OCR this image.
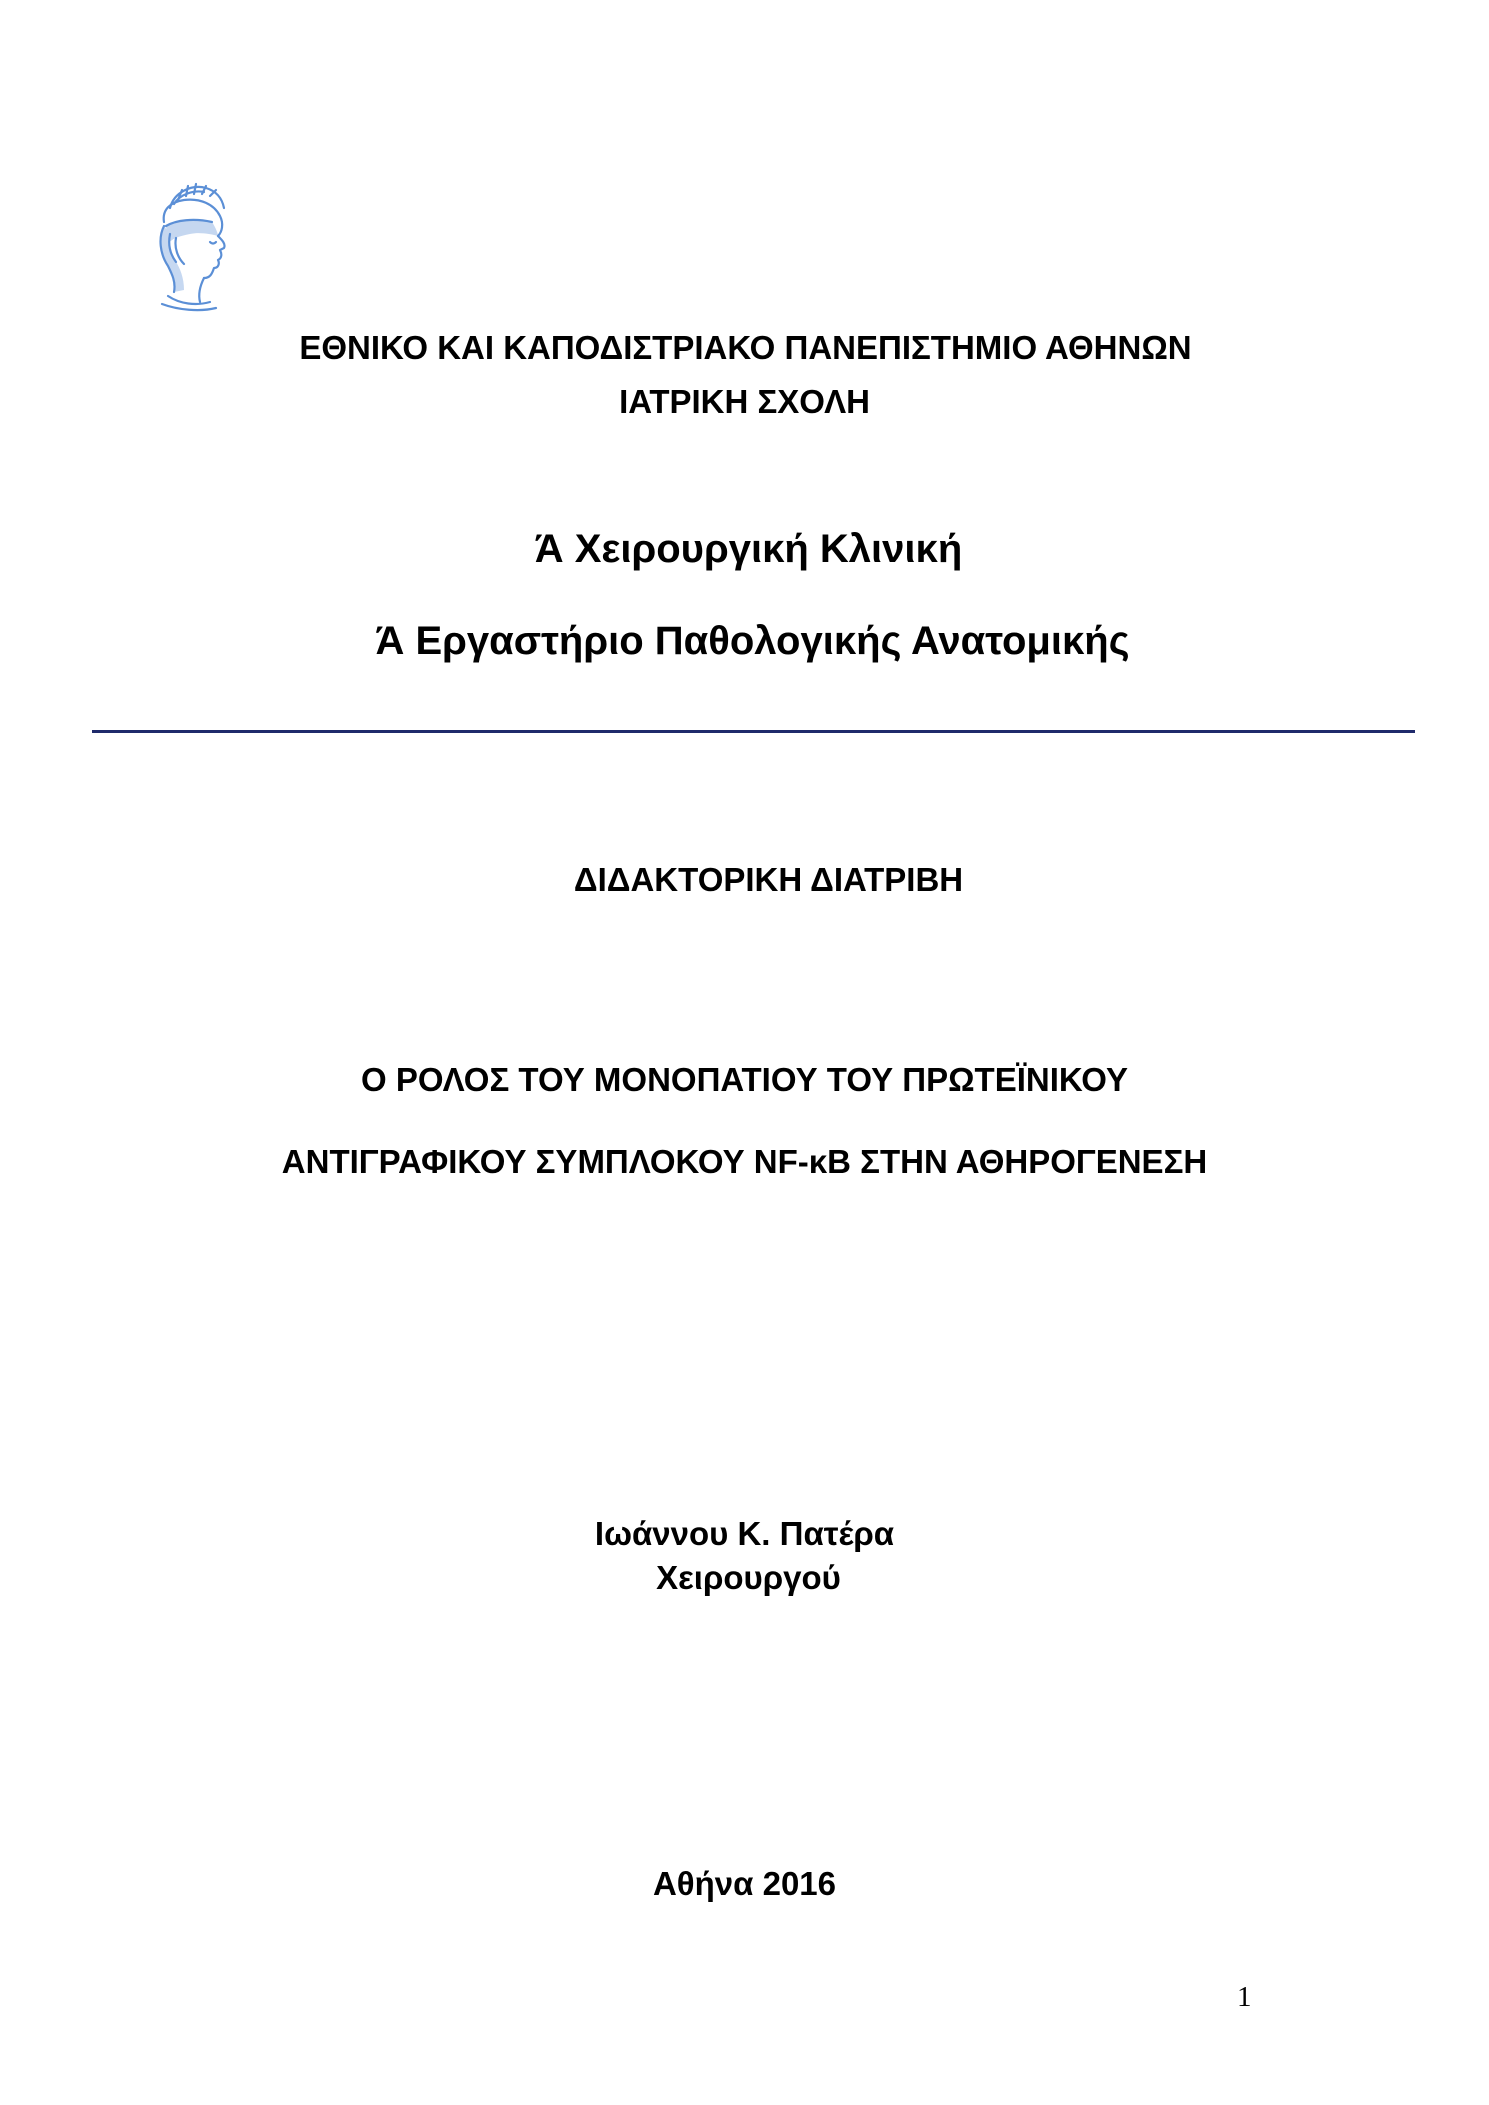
ΕΘΝΙΚΟ ΚΑΙ ΚΑΠΟΔΙΣΤΡΙΑΚΟ ΠΑΝΕΠΙΣΤΗΜΙΟ ΑΘΗΝΩΝ
ΙΑΤΡΙΚΗ ΣΧΟΛΗ
Ά Χειρουργική Κλινική
Ά Εργαστήριο Παθολογικής Ανατομικής
ΔΙΔΑΚΤΟΡΙΚΗ ΔΙΑΤΡΙΒΗ
Ο ΡΟΛΟΣ ΤΟΥ ΜΟΝΟΠΑΤΙΟΥ ΤΟΥ ΠΡΩΤΕΪΝΙΚΟΥ
ΑΝΤΙΓΡΑΦΙΚΟΥ ΣΥΜΠΛΟΚΟΥ NF-κB ΣΤΗΝ ΑΘΗΡΟΓΕΝΕΣΗ
Ιωάννου Κ. Πατέρα
Χειρουργού
Αθήνα 2016
1
